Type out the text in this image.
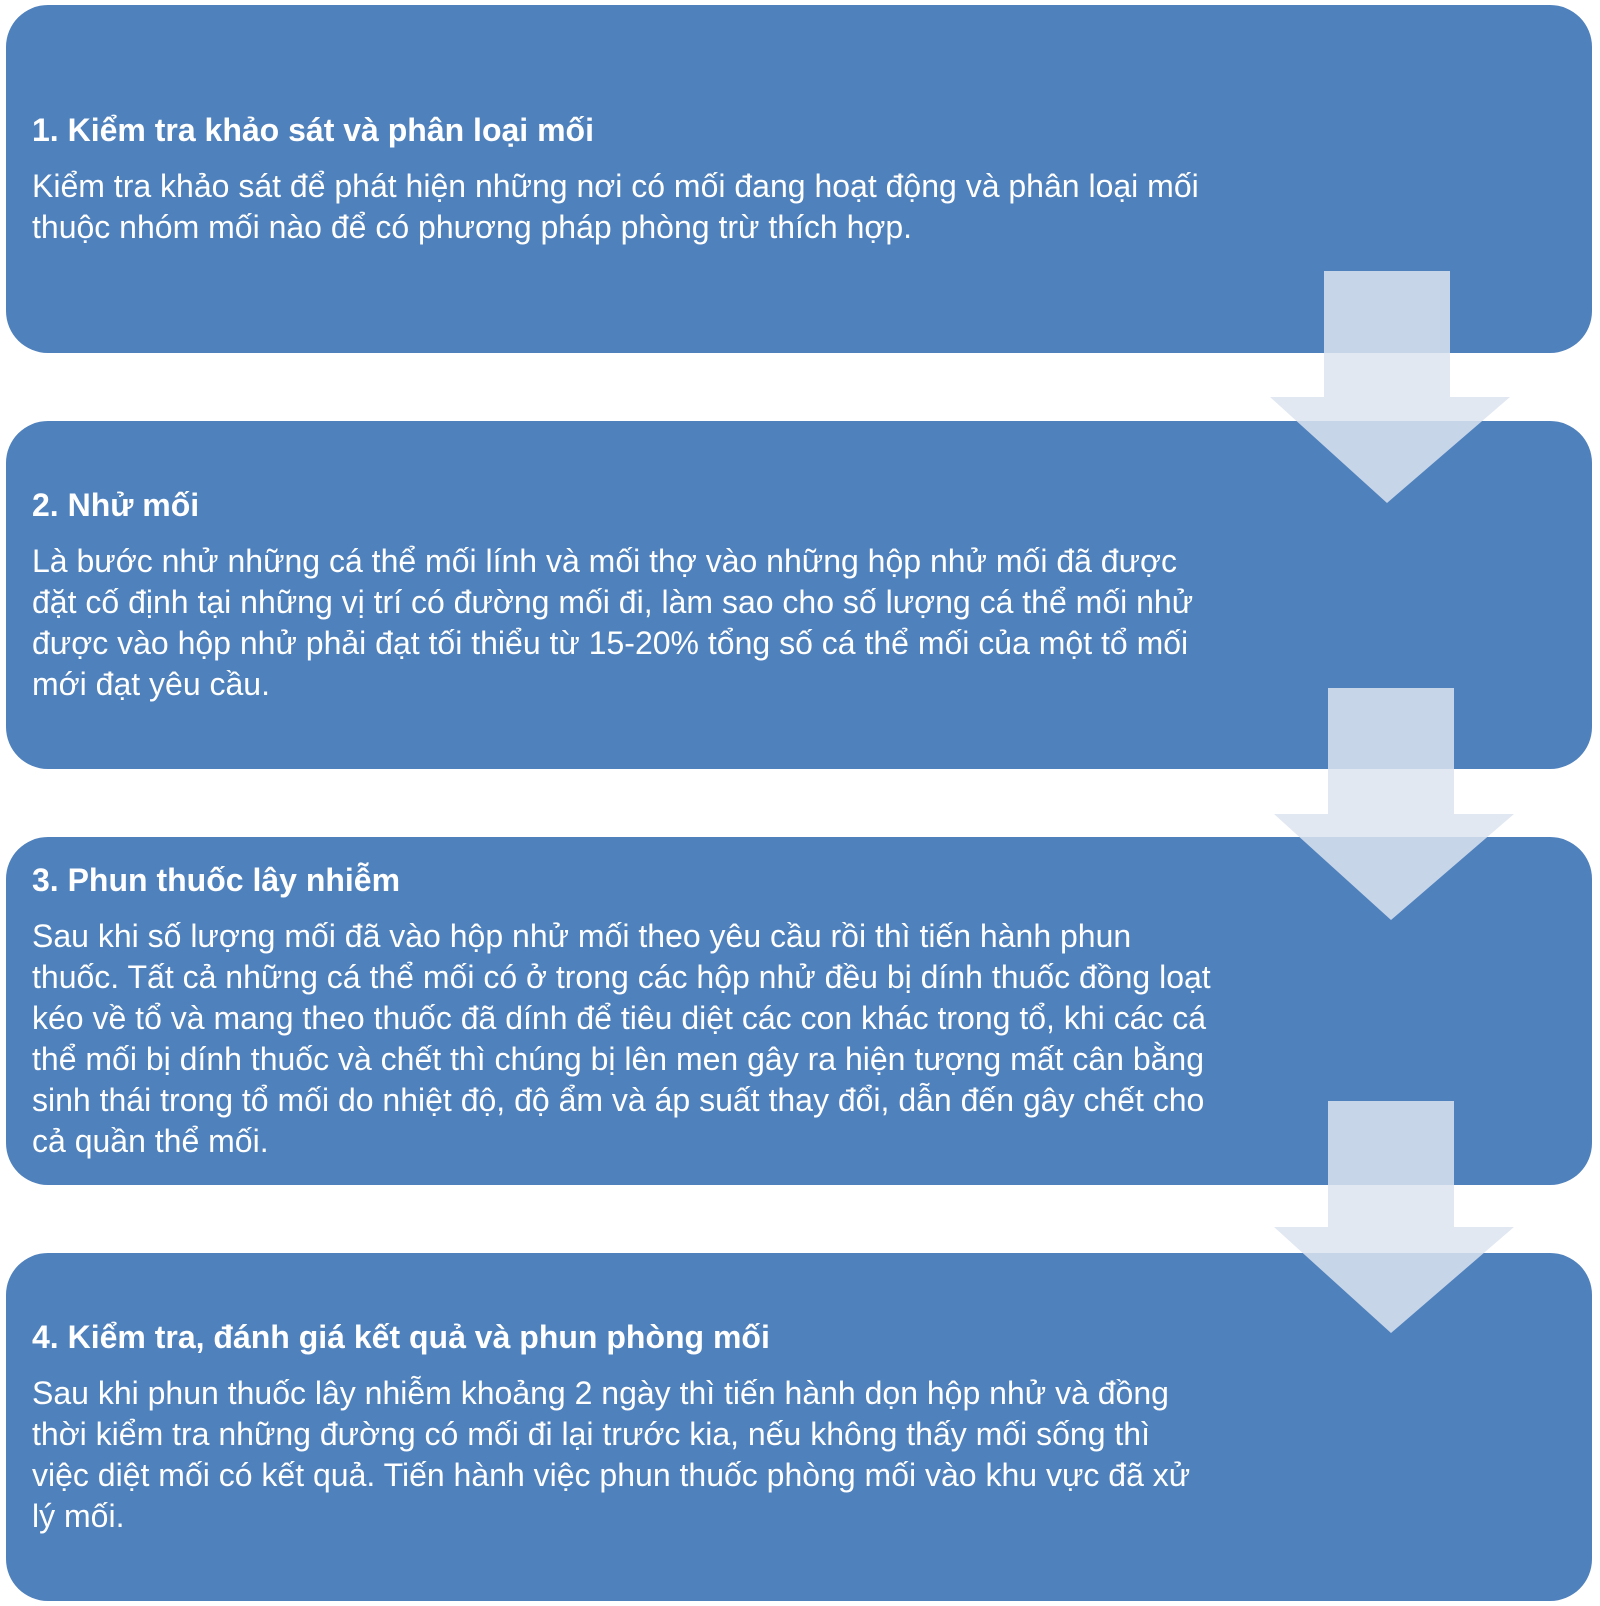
1. Kiểm tra khảo sát và phân loại mối

Kiểm tra khảo sát để phát hiện những nơi có mối đang hoạt động và phân loại mối thuộc nhóm mối nào để có phương pháp phòng trừ thích hợp.

2. Nhử mối

Là bước nhử những cá thể mối lính và mối thợ vào những hộp nhử mối đã được đặt cố định tại những vị trí có đường mối đi, làm sao cho số lượng cá thể mối nhử được vào hộp nhử phải đạt tối thiểu từ 15-20% tổng số cá thể mối của một tổ mối mới đạt yêu cầu.

3. Phun thuốc lây nhiễm

Sau khi số lượng mối đã vào hộp nhử mối theo yêu cầu rồi thì tiến hành phun thuốc. Tất cả những cá thể mối có ở trong các hộp nhử đều bị dính thuốc đồng loạt kéo về tổ và mang theo thuốc đã dính để tiêu diệt các con khác trong tổ, khi các cá thể mối bị dính thuốc và chết thì chúng bị lên men gây ra hiện tượng mất cân bằng sinh thái trong tổ mối do nhiệt độ, độ ẩm và áp suất thay đổi, dẫn đến gây chết cho cả quần thể mối.

4. Kiểm tra, đánh giá kết quả và phun phòng mối

Sau khi phun thuốc lây nhiễm khoảng 2 ngày thì tiến hành dọn hộp nhử và đồng thời kiểm tra những đường có mối đi lại trước kia, nếu không thấy mối sống thì việc diệt mối có kết quả. Tiến hành việc phun thuốc phòng mối vào khu vực đã xử lý mối.
